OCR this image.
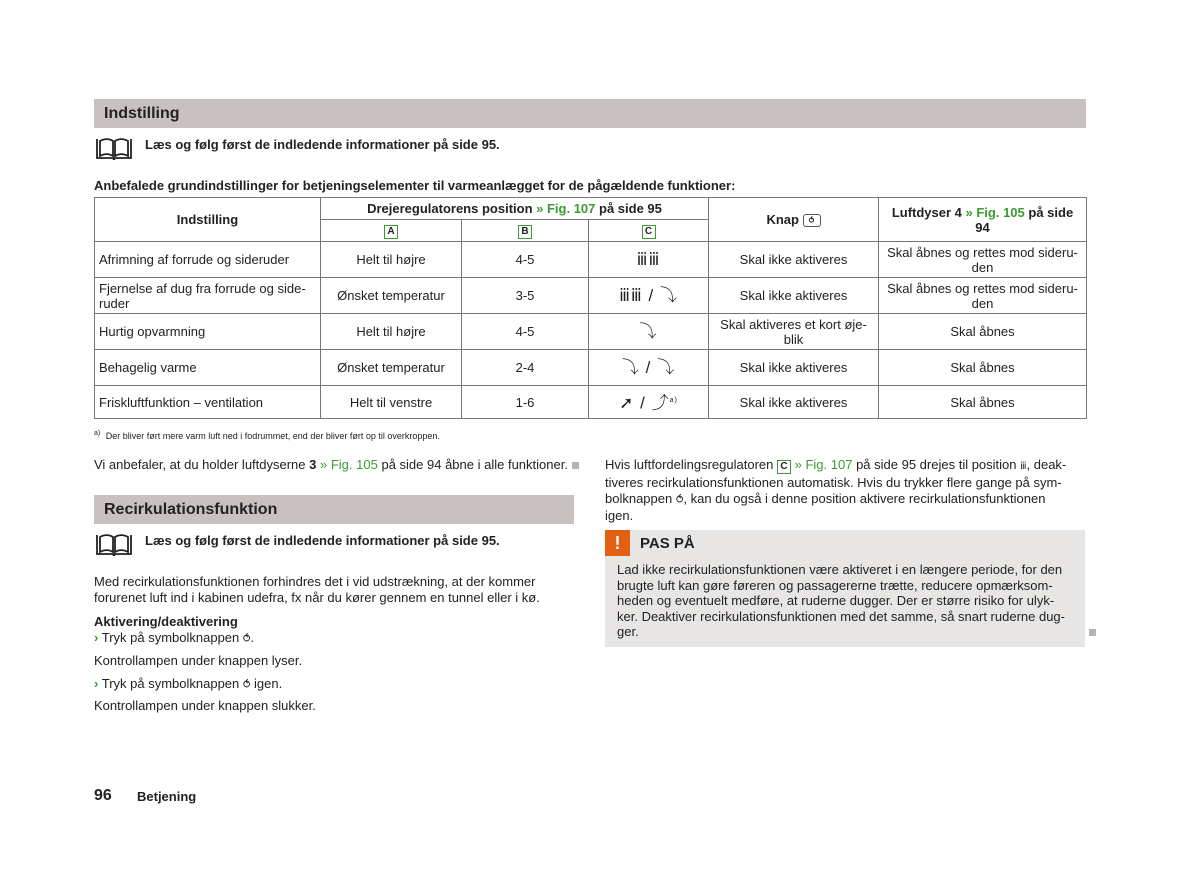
Indstilling
Læs og følg først de indledende informationer på side 95.
Anbefalede grundindstillinger for betjeningselementer til varmeanlægget for de pågældende funktioner:
Indstilling	Drejeregulatorens position » Fig. 107 på side 95			Knap ⥀	Luftdyser 4 » Fig. 105 på side 94
	A	B	C		
Afrimning af forrude og sideruder	Helt til højre	4-5	ⅲⅲ	Skal ikke aktiveres	Skal åbnes og rettes mod sideru-
den
Fjernelse af dug fra forrude og side-
ruder	Ønsket temperatur	3-5	ⅲⅲ / ⤵	Skal ikke aktiveres	Skal åbnes og rettes mod sideru-
den
Hurtig opvarmning	Helt til højre	4-5	⤵	Skal aktiveres et kort øje-
blik	Skal åbnes
Behagelig varme	Ønsket temperatur	2-4	⤵ / ⤵	Skal ikke aktiveres	Skal åbnes
Friskluftfunktion – ventilation	Helt til venstre	1-6	➚ / ⤴$^{a)}$	Skal ikke aktiveres	Skal åbnes
$^{a)}$ Der bliver ført mere varm luft ned i fodrummet, end der bliver ført op til overkroppen.
Vi anbefaler, at du holder luftdyserne 3 » Fig. 105 på side 94 åbne i alle funktioner.
Recirkulationsfunktion
Læs og følg først de indledende informationer på side 95.
Med recirkulationsfunktionen forhindres det i vid udstrækning, at der kommer forurenet luft ind i kabinen udefra, fx når du kører gennem en tunnel eller i kø.
Aktivering/deaktivering
› Tryk på symbolknappen ⥀.
Kontrollampen under knappen lyser.
› Tryk på symbolknappen ⥀ igen.
Kontrollampen under knappen slukker.
Hvis luftfordelingsregulatoren C » Fig. 107 på side 95 drejes til position ⅲ, deak-
tiveres recirkulationsfunktionen automatisk. Hvis du trykker flere gange på sym-
bolknappen ⥀, kan du også i denne position aktivere recirkulationsfunktionen
igen.
!	PAS PÅ
Lad ikke recirkulationsfunktionen være aktiveret i en længere periode, for den brugte luft kan gøre føreren og passagererne trætte, reducere opmærksom-heden og eventuelt medføre, at ruderne dugger. Der er større risiko for ulyk-ker. Deaktiver recirkulationsfunktionen med det samme, så snart ruderne dug-ger.
96 Betjening
